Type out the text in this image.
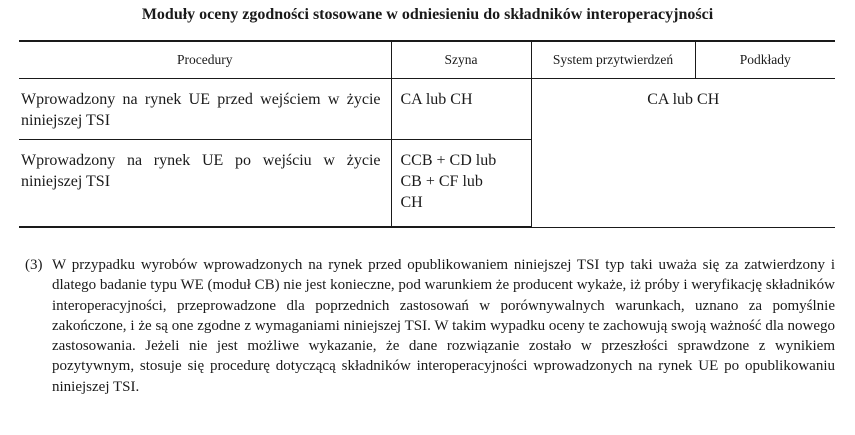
Moduły oceny zgodności stosowane w odniesieniu do składników interoperacyjności
Procedury	Szyna	System przytwierdzeń	Podkłady
Wprowadzony na rynek UE przed wejściem w życie niniejszej TSI	CA lub CH	CA lub CH	
Wprowadzony na rynek UE po wejściu w życie niniejszej TSI	CCB + CD lub
CB + CF lub
CH		
(3) W przypadku wyrobów wprowadzonych na rynek przed opublikowaniem niniejszej TSI typ taki uważa się za zatwierdzony i dlatego badanie typu WE (moduł CB) nie jest konieczne, pod warunkiem że producent wykaże, iż próby i weryfikację składników interoperacyjności, przeprowadzone dla poprzednich zastosowań w porównywalnych warunkach, uznano za pomyślnie zakończone, i że są one zgodne z wymaganiami niniejszej TSI. W takim wypadku oceny te zachowują swoją ważność dla nowego zastosowania. Jeżeli nie jest możliwe wykazanie, że dane rozwiązanie zostało w przeszłości sprawdzone z wynikiem pozytywnym, stosuje się procedurę dotyczącą składników interoperacyjności wprowadzonych na rynek UE po opublikowaniu niniejszej TSI.
